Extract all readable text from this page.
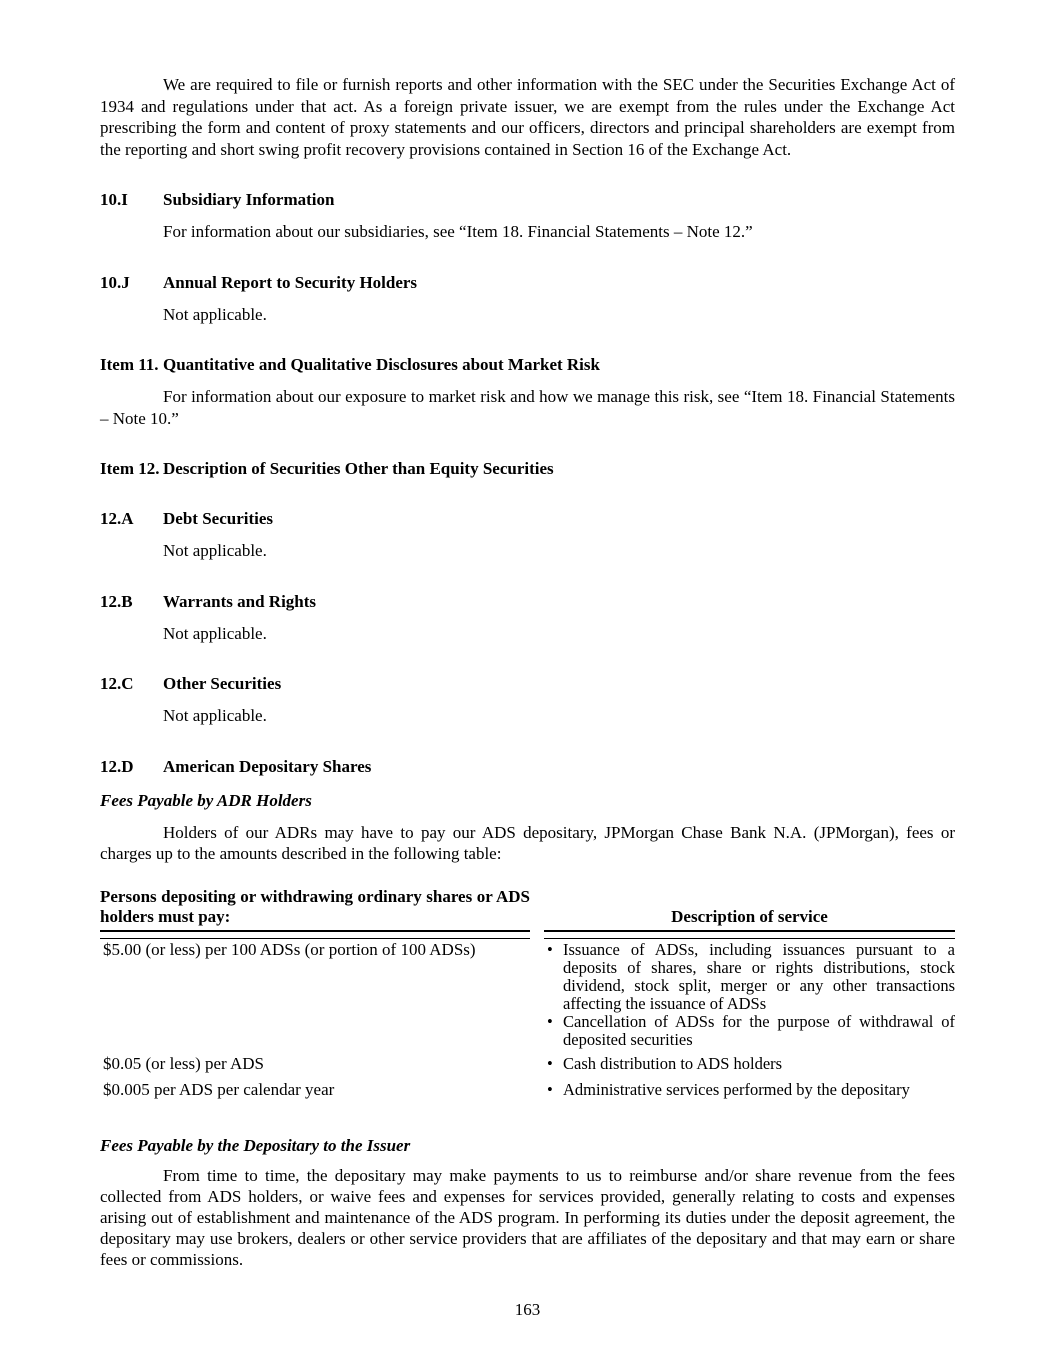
We are required to file or furnish reports and other information with the SEC under the Securities Exchange Act of 1934 and regulations under that act. As a foreign private issuer, we are exempt from the rules under the Exchange Act prescribing the form and content of proxy statements and our officers, directors and principal shareholders are exempt from the reporting and short swing profit recovery provisions contained in Section 16 of the Exchange Act.

10.I	Subsidiary Information

For information about our subsidiaries, see “Item 18. Financial Statements – Note 12.”

10.J	Annual Report to Security Holders

Not applicable.

Item 11. Quantitative and Qualitative Disclosures about Market Risk

For information about our exposure to market risk and how we manage this risk, see “Item 18. Financial Statements – Note 10.”

Item 12. Description of Securities Other than Equity Securities
12.A	Debt Securities

Not applicable.

12.B	Warrants and Rights

Not applicable.

12.C	Other Securities

Not applicable.

12.D	American Depositary Shares
Fees Payable by ADR Holders

Holders of our ADRs may have to pay our ADS depositary, JPMorgan Chase Bank N.A. (JPMorgan), fees or charges up to the amounts described in the following table:

Persons depositing or withdrawing ordinary shares or ADS holders must pay:	Description of service
$5.00 (or less) per 100 ADSs (or portion of 100 ADSs)	• Issuance of ADSs, including issuances pursuant to a deposits of shares, share or rights distributions, stock dividend, stock split, merger or any other transactions affecting the issuance of ADSs
• Cancellation of ADSs for the purpose of withdrawal of deposited securities
$0.05 (or less) per ADS	• Cash distribution to ADS holders
$0.005 per ADS per calendar year	• Administrative services performed by the depositary
Fees Payable by the Depositary to the Issuer

From time to time, the depositary may make payments to us to reimburse and/or share revenue from the fees collected from ADS holders, or waive fees and expenses for services provided, generally relating to costs and expenses arising out of establishment and maintenance of the ADS program. In performing its duties under the deposit agreement, the depositary may use brokers, dealers or other service providers that are affiliates of the depositary and that may earn or share fees or commissions.

163
